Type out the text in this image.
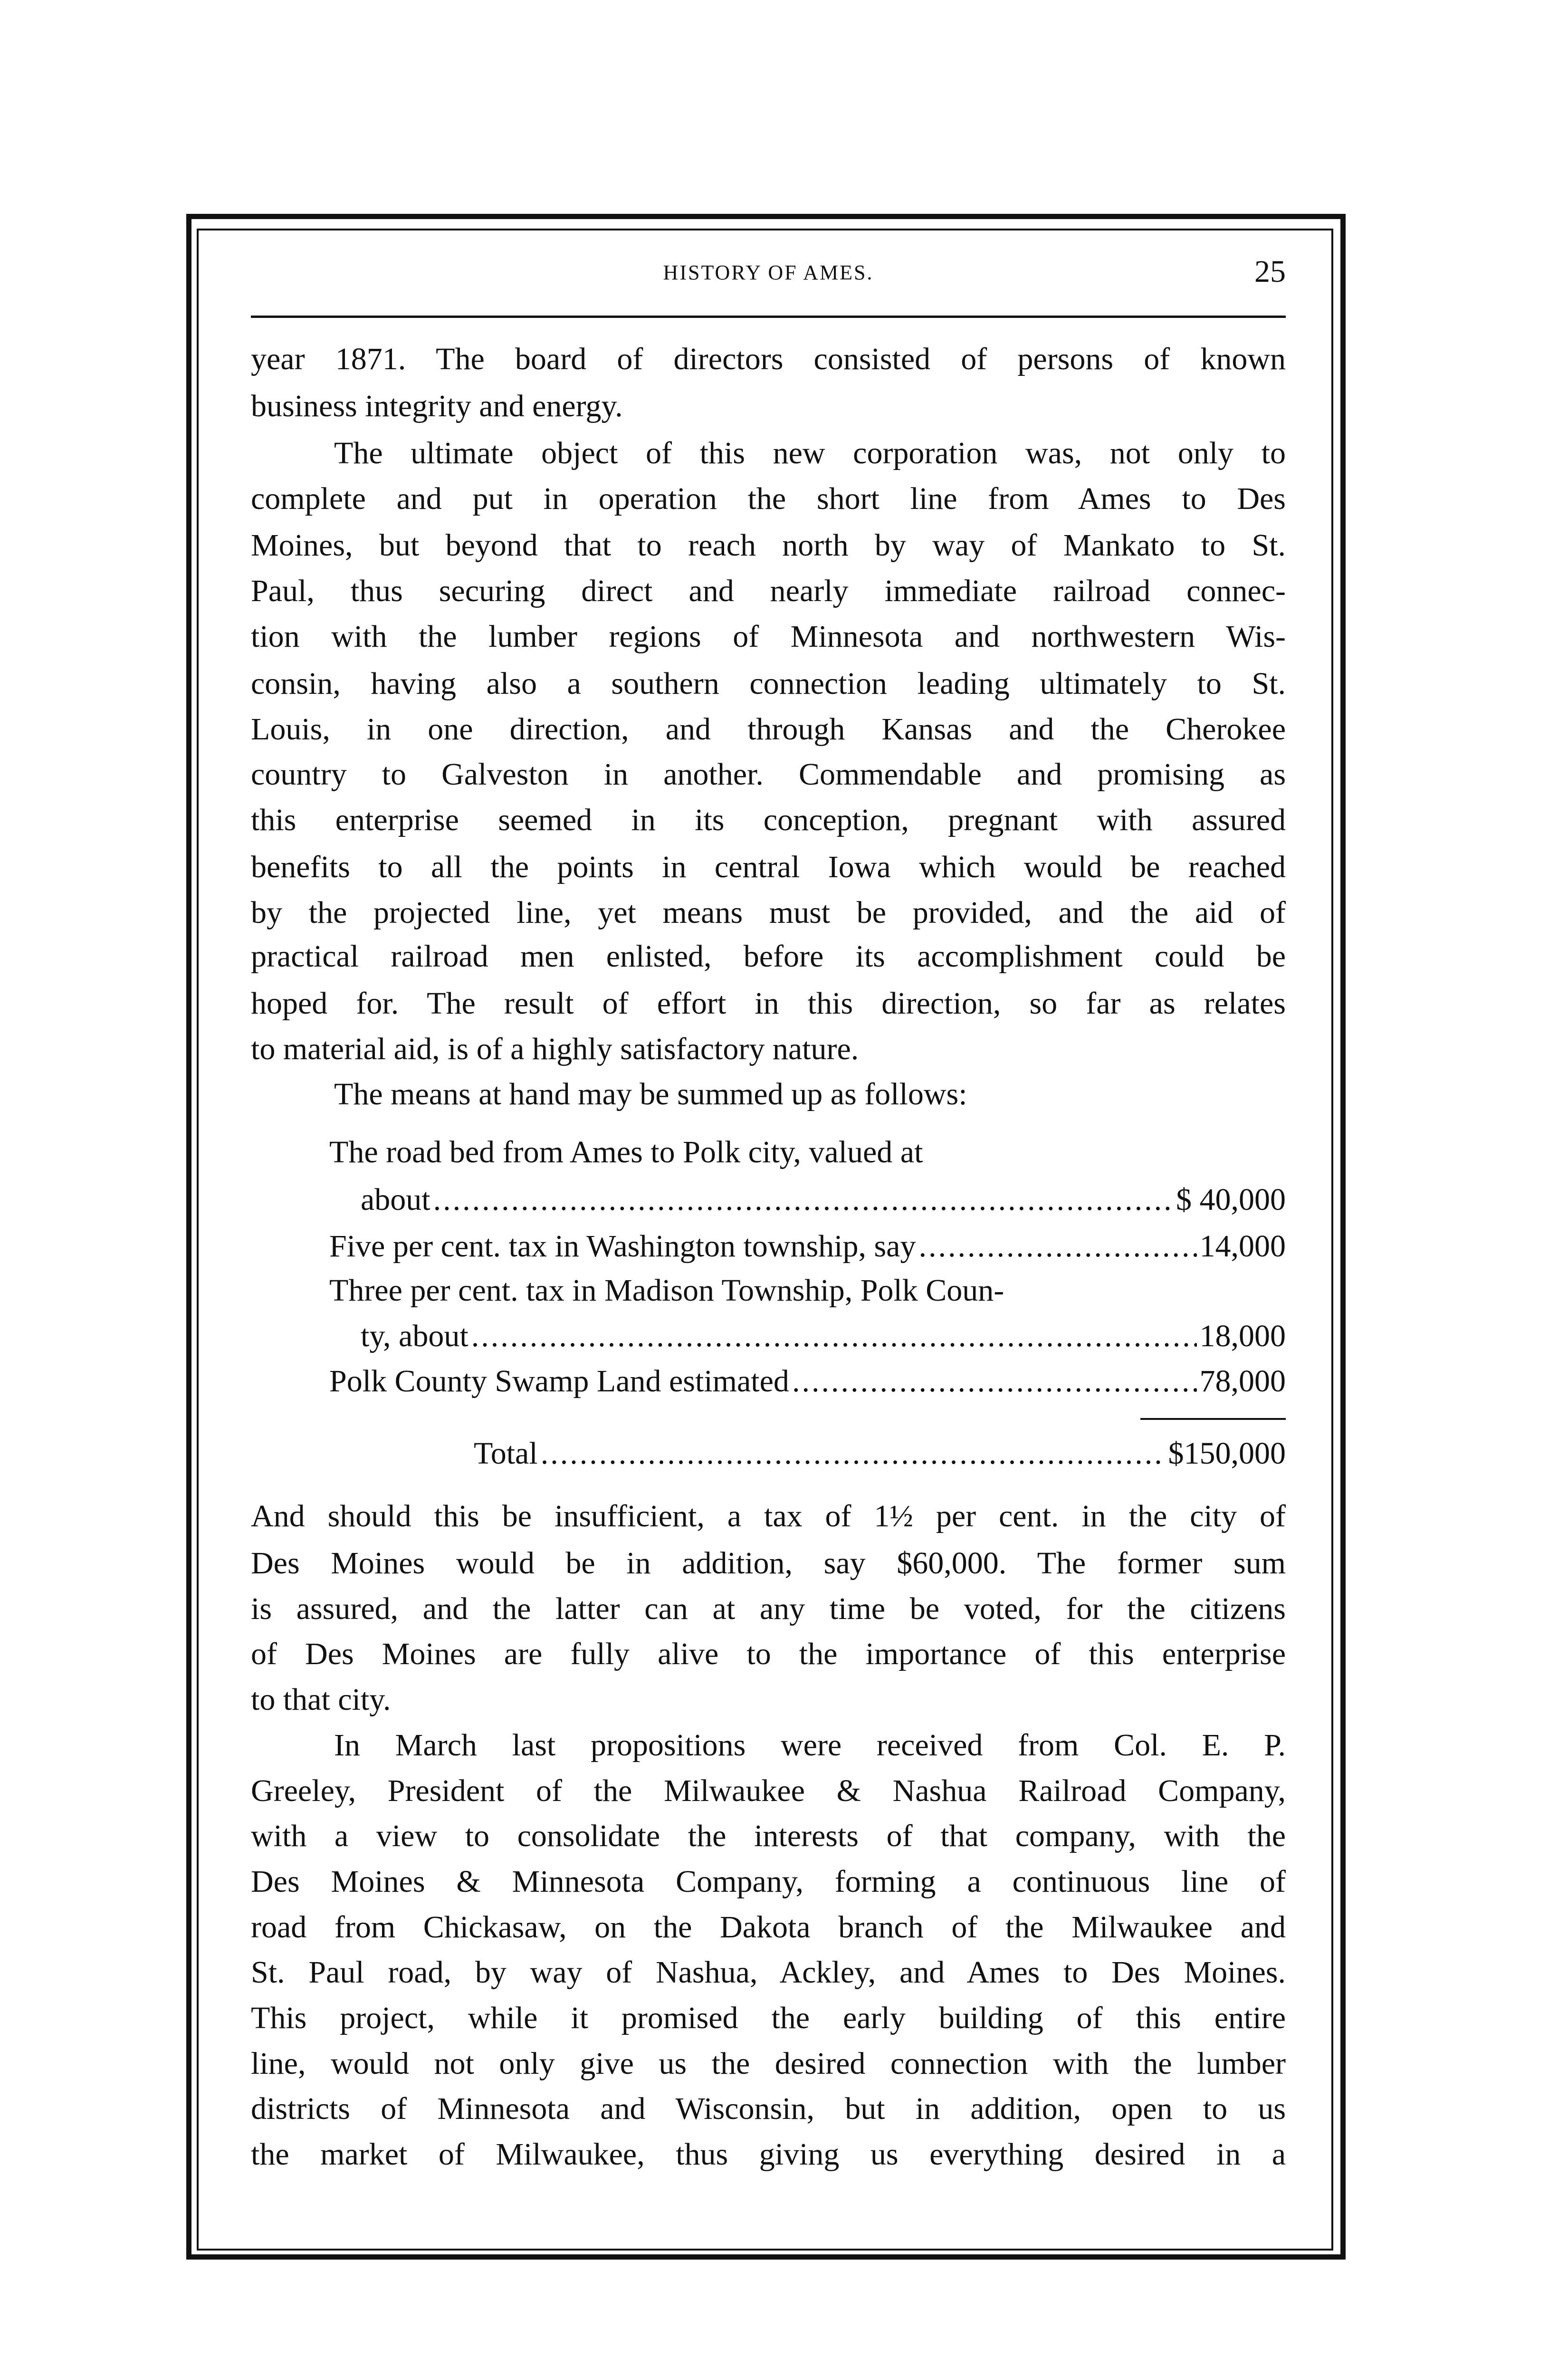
HISTORY OF AMES.	25
year 1871. The board of directors consisted of persons of known
business integrity and energy.
The ultimate object of this new corporation was, not only to
complete and put in operation the short line from Ames to Des
Moines, but beyond that to reach north by way of Mankato to St.
Paul, thus securing direct and nearly immediate railroad connec-
tion with the lumber regions of Minnesota and northwestern Wis-
consin, having also a southern connection leading ultimately to St.
Louis, in one direction, and through Kansas and the Cherokee
country to Galveston in another. Commendable and promising as
this enterprise seemed in its conception, pregnant with assured
benefits to all the points in central Iowa which would be reached
by the projected line, yet means must be provided, and the aid of
practical railroad men enlisted, before its accomplishment could be
hoped for. The result of effort in this direction, so far as relates
to material aid, is of a highly satisfactory nature.
The means at hand may be summed up as follows:
The road bed from Ames to Polk city, valued at
about .....	$ 40,000
Five per cent. tax in Washington township, say .....	14,000
Three per cent. tax in Madison Township, Polk Coun-
ty, about .....	18,000
Polk County Swamp Land estimated .....	78,000
Total .....	$150,000
And should this be insufficient, a tax of 1½ per cent. in the city of
Des Moines would be in addition, say $60,000. The former sum
is assured, and the latter can at any time be voted, for the citizens
of Des Moines are fully alive to the importance of this enterprise
to that city.
In March last propositions were received from Col. E. P.
Greeley, President of the Milwaukee & Nashua Railroad Company,
with a view to consolidate the interests of that company, with the
Des Moines & Minnesota Company, forming a continuous line of
road from Chickasaw, on the Dakota branch of the Milwaukee and
St. Paul road, by way of Nashua, Ackley, and Ames to Des Moines.
This project, while it promised the early building of this entire
line, would not only give us the desired connection with the lumber
districts of Minnesota and Wisconsin, but in addition, open to us
the market of Milwaukee, thus giving us everything desired in a
